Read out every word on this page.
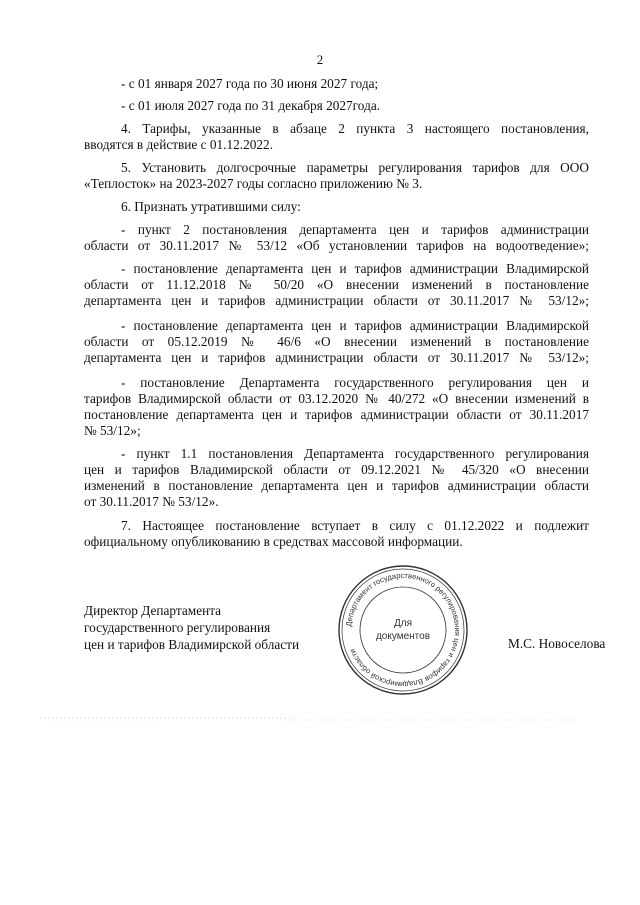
2
- с 01 января 2027 года по 30 июня 2027 года;
- с 01 июля 2027 года по 31 декабря 2027года.
4. Тарифы, указанные в абзаце 2 пункта 3 настоящего постановления,
вводятся в действие с 01.12.2022.
5. Установить долгосрочные параметры регулирования тарифов для ООО
«Теплосток» на 2023-2027 годы согласно приложению № 3.
6. Признать утратившими силу:
- пункт 2 постановления департамента цен и тарифов администрации
области от 30.11.2017 № 53/12 «Об установлении тарифов на водоотведение»;
- постановление департамента цен и тарифов администрации Владимирской
области от 11.12.2018 № 50/20 «О внесении изменений в постановление
департамента цен и тарифов администрации области от 30.11.2017 № 53/12»;
- постановление департамента цен и тарифов администрации Владимирской
области от 05.12.2019 № 46/6 «О внесении изменений в постановление
департамента цен и тарифов администрации области от 30.11.2017 № 53/12»;
- постановление Департамента государственного регулирования цен и
тарифов Владимирской области от 03.12.2020 № 40/272 «О внесении изменений в
постановление департамента цен и тарифов администрации области от 30.11.2017
№ 53/12»;
- пункт 1.1 постановления Департамента государственного регулирования
цен и тарифов Владимирской области от 09.12.2021 № 45/320 «О внесении
изменений в постановление департамента цен и тарифов администрации области
от 30.11.2017 № 53/12».
7. Настоящее постановление вступает в силу с 01.12.2022 и подлежит
официальному опубликованию в средствах массовой информации.
Директор Департамента
государственного регулирования
цен и тарифов Владимирской области
Департамент государственного регулирования цен и тарифов Владимирской области
Для
документов	М.С. Новоселова
